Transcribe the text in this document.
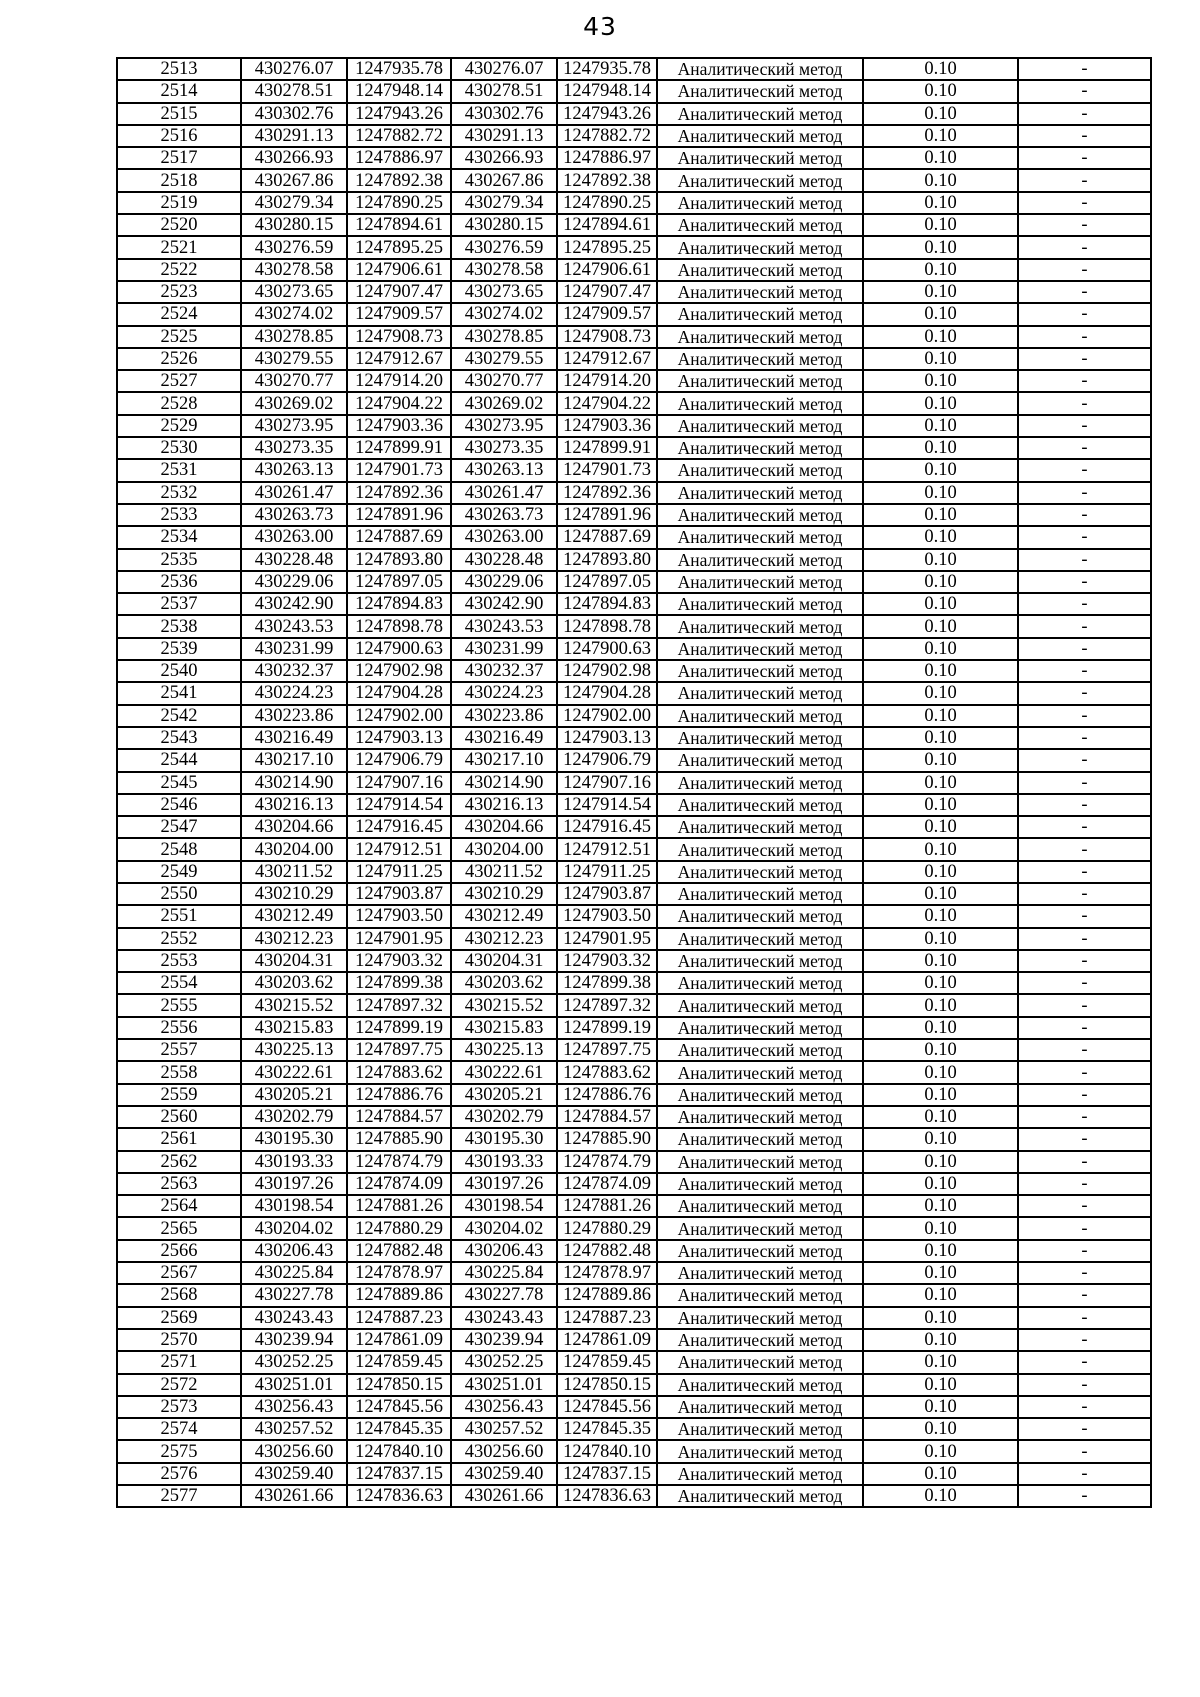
43
2513	430276.07	1247935.78	430276.07	1247935.78	Аналитический метод	0.10	-
2514	430278.51	1247948.14	430278.51	1247948.14	Аналитический метод	0.10	-
2515	430302.76	1247943.26	430302.76	1247943.26	Аналитический метод	0.10	-
2516	430291.13	1247882.72	430291.13	1247882.72	Аналитический метод	0.10	-
2517	430266.93	1247886.97	430266.93	1247886.97	Аналитический метод	0.10	-
2518	430267.86	1247892.38	430267.86	1247892.38	Аналитический метод	0.10	-
2519	430279.34	1247890.25	430279.34	1247890.25	Аналитический метод	0.10	-
2520	430280.15	1247894.61	430280.15	1247894.61	Аналитический метод	0.10	-
2521	430276.59	1247895.25	430276.59	1247895.25	Аналитический метод	0.10	-
2522	430278.58	1247906.61	430278.58	1247906.61	Аналитический метод	0.10	-
2523	430273.65	1247907.47	430273.65	1247907.47	Аналитический метод	0.10	-
2524	430274.02	1247909.57	430274.02	1247909.57	Аналитический метод	0.10	-
2525	430278.85	1247908.73	430278.85	1247908.73	Аналитический метод	0.10	-
2526	430279.55	1247912.67	430279.55	1247912.67	Аналитический метод	0.10	-
2527	430270.77	1247914.20	430270.77	1247914.20	Аналитический метод	0.10	-
2528	430269.02	1247904.22	430269.02	1247904.22	Аналитический метод	0.10	-
2529	430273.95	1247903.36	430273.95	1247903.36	Аналитический метод	0.10	-
2530	430273.35	1247899.91	430273.35	1247899.91	Аналитический метод	0.10	-
2531	430263.13	1247901.73	430263.13	1247901.73	Аналитический метод	0.10	-
2532	430261.47	1247892.36	430261.47	1247892.36	Аналитический метод	0.10	-
2533	430263.73	1247891.96	430263.73	1247891.96	Аналитический метод	0.10	-
2534	430263.00	1247887.69	430263.00	1247887.69	Аналитический метод	0.10	-
2535	430228.48	1247893.80	430228.48	1247893.80	Аналитический метод	0.10	-
2536	430229.06	1247897.05	430229.06	1247897.05	Аналитический метод	0.10	-
2537	430242.90	1247894.83	430242.90	1247894.83	Аналитический метод	0.10	-
2538	430243.53	1247898.78	430243.53	1247898.78	Аналитический метод	0.10	-
2539	430231.99	1247900.63	430231.99	1247900.63	Аналитический метод	0.10	-
2540	430232.37	1247902.98	430232.37	1247902.98	Аналитический метод	0.10	-
2541	430224.23	1247904.28	430224.23	1247904.28	Аналитический метод	0.10	-
2542	430223.86	1247902.00	430223.86	1247902.00	Аналитический метод	0.10	-
2543	430216.49	1247903.13	430216.49	1247903.13	Аналитический метод	0.10	-
2544	430217.10	1247906.79	430217.10	1247906.79	Аналитический метод	0.10	-
2545	430214.90	1247907.16	430214.90	1247907.16	Аналитический метод	0.10	-
2546	430216.13	1247914.54	430216.13	1247914.54	Аналитический метод	0.10	-
2547	430204.66	1247916.45	430204.66	1247916.45	Аналитический метод	0.10	-
2548	430204.00	1247912.51	430204.00	1247912.51	Аналитический метод	0.10	-
2549	430211.52	1247911.25	430211.52	1247911.25	Аналитический метод	0.10	-
2550	430210.29	1247903.87	430210.29	1247903.87	Аналитический метод	0.10	-
2551	430212.49	1247903.50	430212.49	1247903.50	Аналитический метод	0.10	-
2552	430212.23	1247901.95	430212.23	1247901.95	Аналитический метод	0.10	-
2553	430204.31	1247903.32	430204.31	1247903.32	Аналитический метод	0.10	-
2554	430203.62	1247899.38	430203.62	1247899.38	Аналитический метод	0.10	-
2555	430215.52	1247897.32	430215.52	1247897.32	Аналитический метод	0.10	-
2556	430215.83	1247899.19	430215.83	1247899.19	Аналитический метод	0.10	-
2557	430225.13	1247897.75	430225.13	1247897.75	Аналитический метод	0.10	-
2558	430222.61	1247883.62	430222.61	1247883.62	Аналитический метод	0.10	-
2559	430205.21	1247886.76	430205.21	1247886.76	Аналитический метод	0.10	-
2560	430202.79	1247884.57	430202.79	1247884.57	Аналитический метод	0.10	-
2561	430195.30	1247885.90	430195.30	1247885.90	Аналитический метод	0.10	-
2562	430193.33	1247874.79	430193.33	1247874.79	Аналитический метод	0.10	-
2563	430197.26	1247874.09	430197.26	1247874.09	Аналитический метод	0.10	-
2564	430198.54	1247881.26	430198.54	1247881.26	Аналитический метод	0.10	-
2565	430204.02	1247880.29	430204.02	1247880.29	Аналитический метод	0.10	-
2566	430206.43	1247882.48	430206.43	1247882.48	Аналитический метод	0.10	-
2567	430225.84	1247878.97	430225.84	1247878.97	Аналитический метод	0.10	-
2568	430227.78	1247889.86	430227.78	1247889.86	Аналитический метод	0.10	-
2569	430243.43	1247887.23	430243.43	1247887.23	Аналитический метод	0.10	-
2570	430239.94	1247861.09	430239.94	1247861.09	Аналитический метод	0.10	-
2571	430252.25	1247859.45	430252.25	1247859.45	Аналитический метод	0.10	-
2572	430251.01	1247850.15	430251.01	1247850.15	Аналитический метод	0.10	-
2573	430256.43	1247845.56	430256.43	1247845.56	Аналитический метод	0.10	-
2574	430257.52	1247845.35	430257.52	1247845.35	Аналитический метод	0.10	-
2575	430256.60	1247840.10	430256.60	1247840.10	Аналитический метод	0.10	-
2576	430259.40	1247837.15	430259.40	1247837.15	Аналитический метод	0.10	-
2577	430261.66	1247836.63	430261.66	1247836.63	Аналитический метод	0.10	-
